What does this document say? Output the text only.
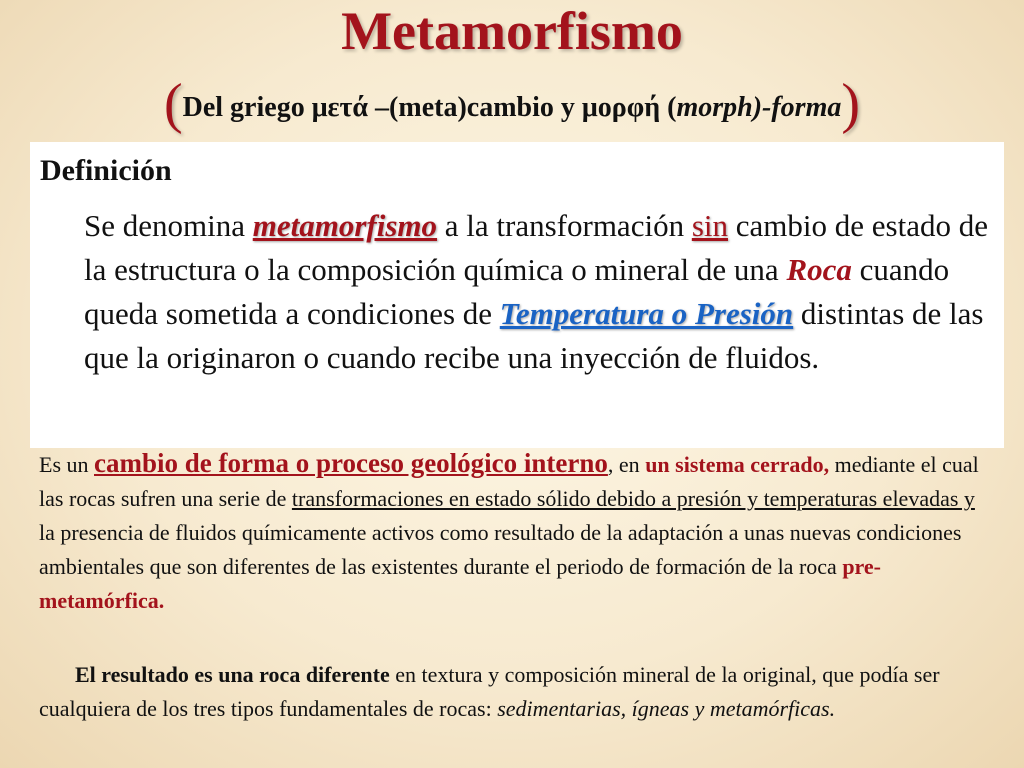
Metamorfismo
(Del griego μετά –(meta)cambio y μορφή (morph)-forma)
Definición
Se denomina metamorfismo a la transformación sin cambio de estado de la estructura o la composición química o mineral de una Roca cuando queda sometida a condiciones de Temperatura o Presión distintas de las que la originaron o cuando recibe una inyección de fluidos.
Es un cambio de forma o proceso geológico interno, en un sistema cerrado, mediante el cual las rocas sufren una serie de transformaciones en estado sólido debido a presión y temperaturas elevadas y la presencia de fluidos químicamente activos como resultado de la adaptación a unas nuevas condiciones ambientales que son diferentes de las existentes durante el periodo de formación de la roca pre-metamórfica.
El resultado es una roca diferente en textura y composición mineral de la original, que podía ser cualquiera de los tres tipos fundamentales de rocas: sedimentarias, ígneas y metamórficas.
